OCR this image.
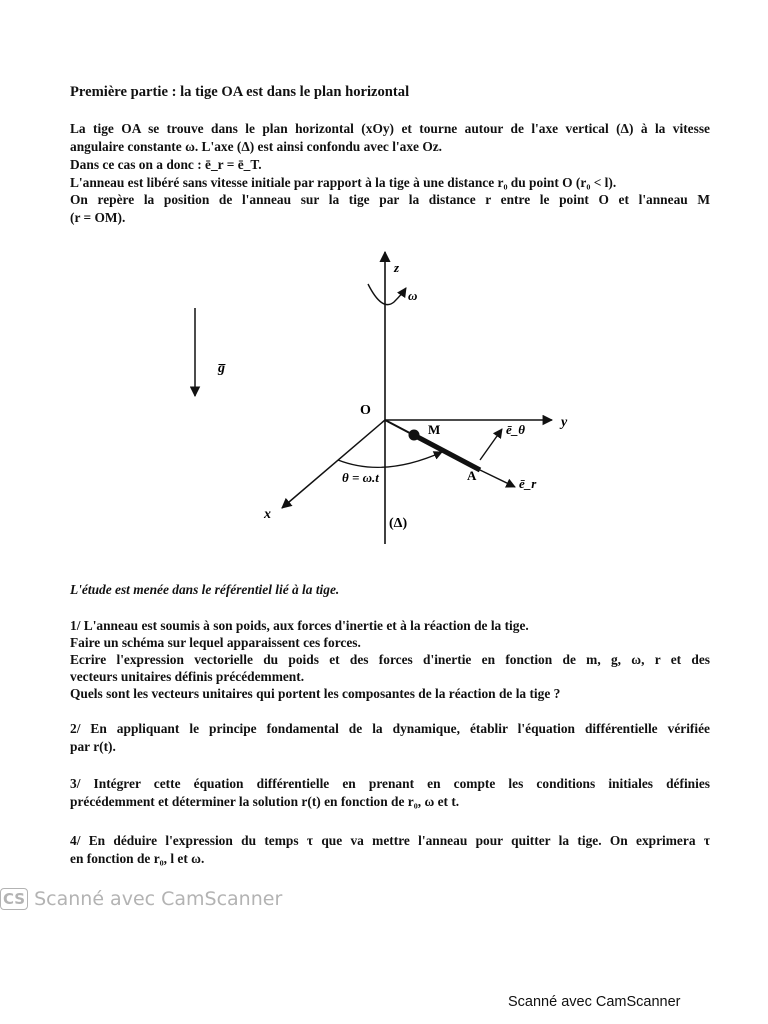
Première partie : la tige OA est dans le plan horizontal
La tige OA se trouve dans le plan horizontal (xOy) et tourne autour de l'axe vertical (Δ) à la vitesse
angulaire constante ω. L'axe (Δ) est ainsi confondu avec l'axe Oz.
Dans ce cas on a donc : ē_r = ē_T.
L'anneau est libéré sans vitesse initiale par rapport à la tige à une distance r₀ du point O (r₀ < l).
On repère la position de l'anneau sur la tige par la distance r entre le point O et l'anneau M
(r = OM).
z
ω
g̅
O
M	ē_θ	y
θ = ω.t	A
ē_r
x
(Δ)
L'étude est menée dans le référentiel lié à la tige.
1/ L'anneau est soumis à son poids, aux forces d'inertie et à la réaction de la tige.
Faire un schéma sur lequel apparaissent ces forces.
Ecrire l'expression vectorielle du poids et des forces d'inertie en fonction de m, g, ω, r et des
vecteurs unitaires définis précédemment.
Quels sont les vecteurs unitaires qui portent les composantes de la réaction de la tige ?
2/ En appliquant le principe fondamental de la dynamique, établir l'équation différentielle vérifiée
par r(t).
3/ Intégrer cette équation différentielle en prenant en compte les conditions initiales définies
précédemment et déterminer la solution r(t) en fonction de r₀, ω et t.
4/ En déduire l'expression du temps τ que va mettre l'anneau pour quitter la tige. On exprimera τ
en fonction de r₀, l et ω.
CS Scanné avec CamScanner
Scanné avec CamScanner
